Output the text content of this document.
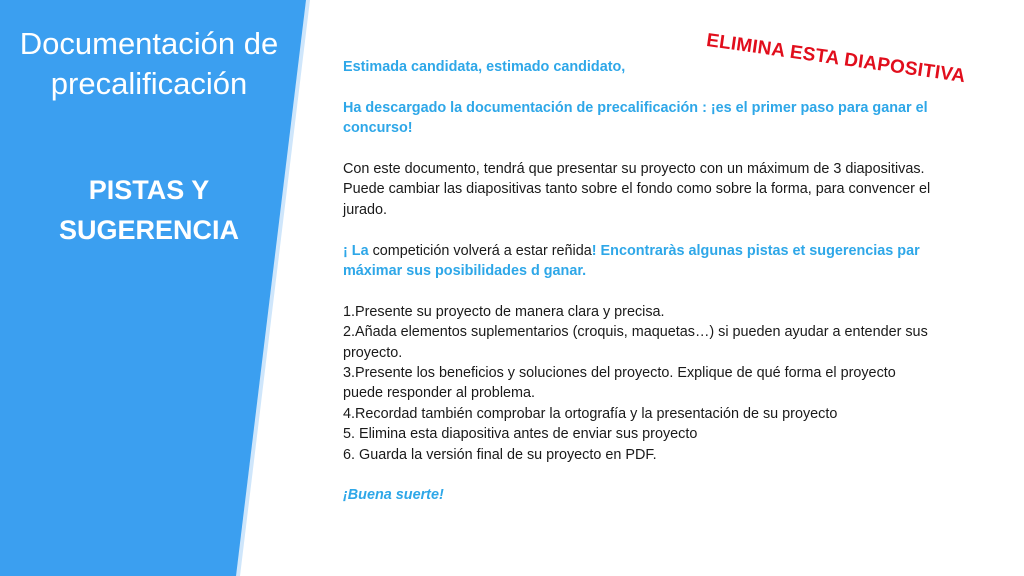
Documentación de
precalificación
PISTAS Y
SUGERENCIA
ELIMINA ESTA DIAPOSITIVA

Estimada candidata, estimado candidato,

Ha descargado la documentación de precalificación : ¡es el primer paso para ganar el

concurso!

Con este documento, tendrá que presentar su proyecto con un máximum de 3 diapositivas.

Puede cambiar las diapositivas tanto sobre el fondo como sobre la forma, para convencer el

jurado.

¡ La competición volverá a estar reñida! Encontraràs algunas pistas et sugerencias par

máximar sus posibilidades d ganar.

1.Presente su proyecto de manera clara y precisa.

2.Añada elementos suplementarios (croquis, maquetas…) si pueden ayudar a entender sus

proyecto.

3.Presente los beneficios y soluciones del proyecto. Explique de qué forma el proyecto

puede responder al problema.

4.Recordad también comprobar la ortografía y la presentación de su proyecto

5. Elimina esta diapositiva antes de enviar sus proyecto

6. Guarda la versión final de su proyecto en PDF.

¡Buena suerte!
